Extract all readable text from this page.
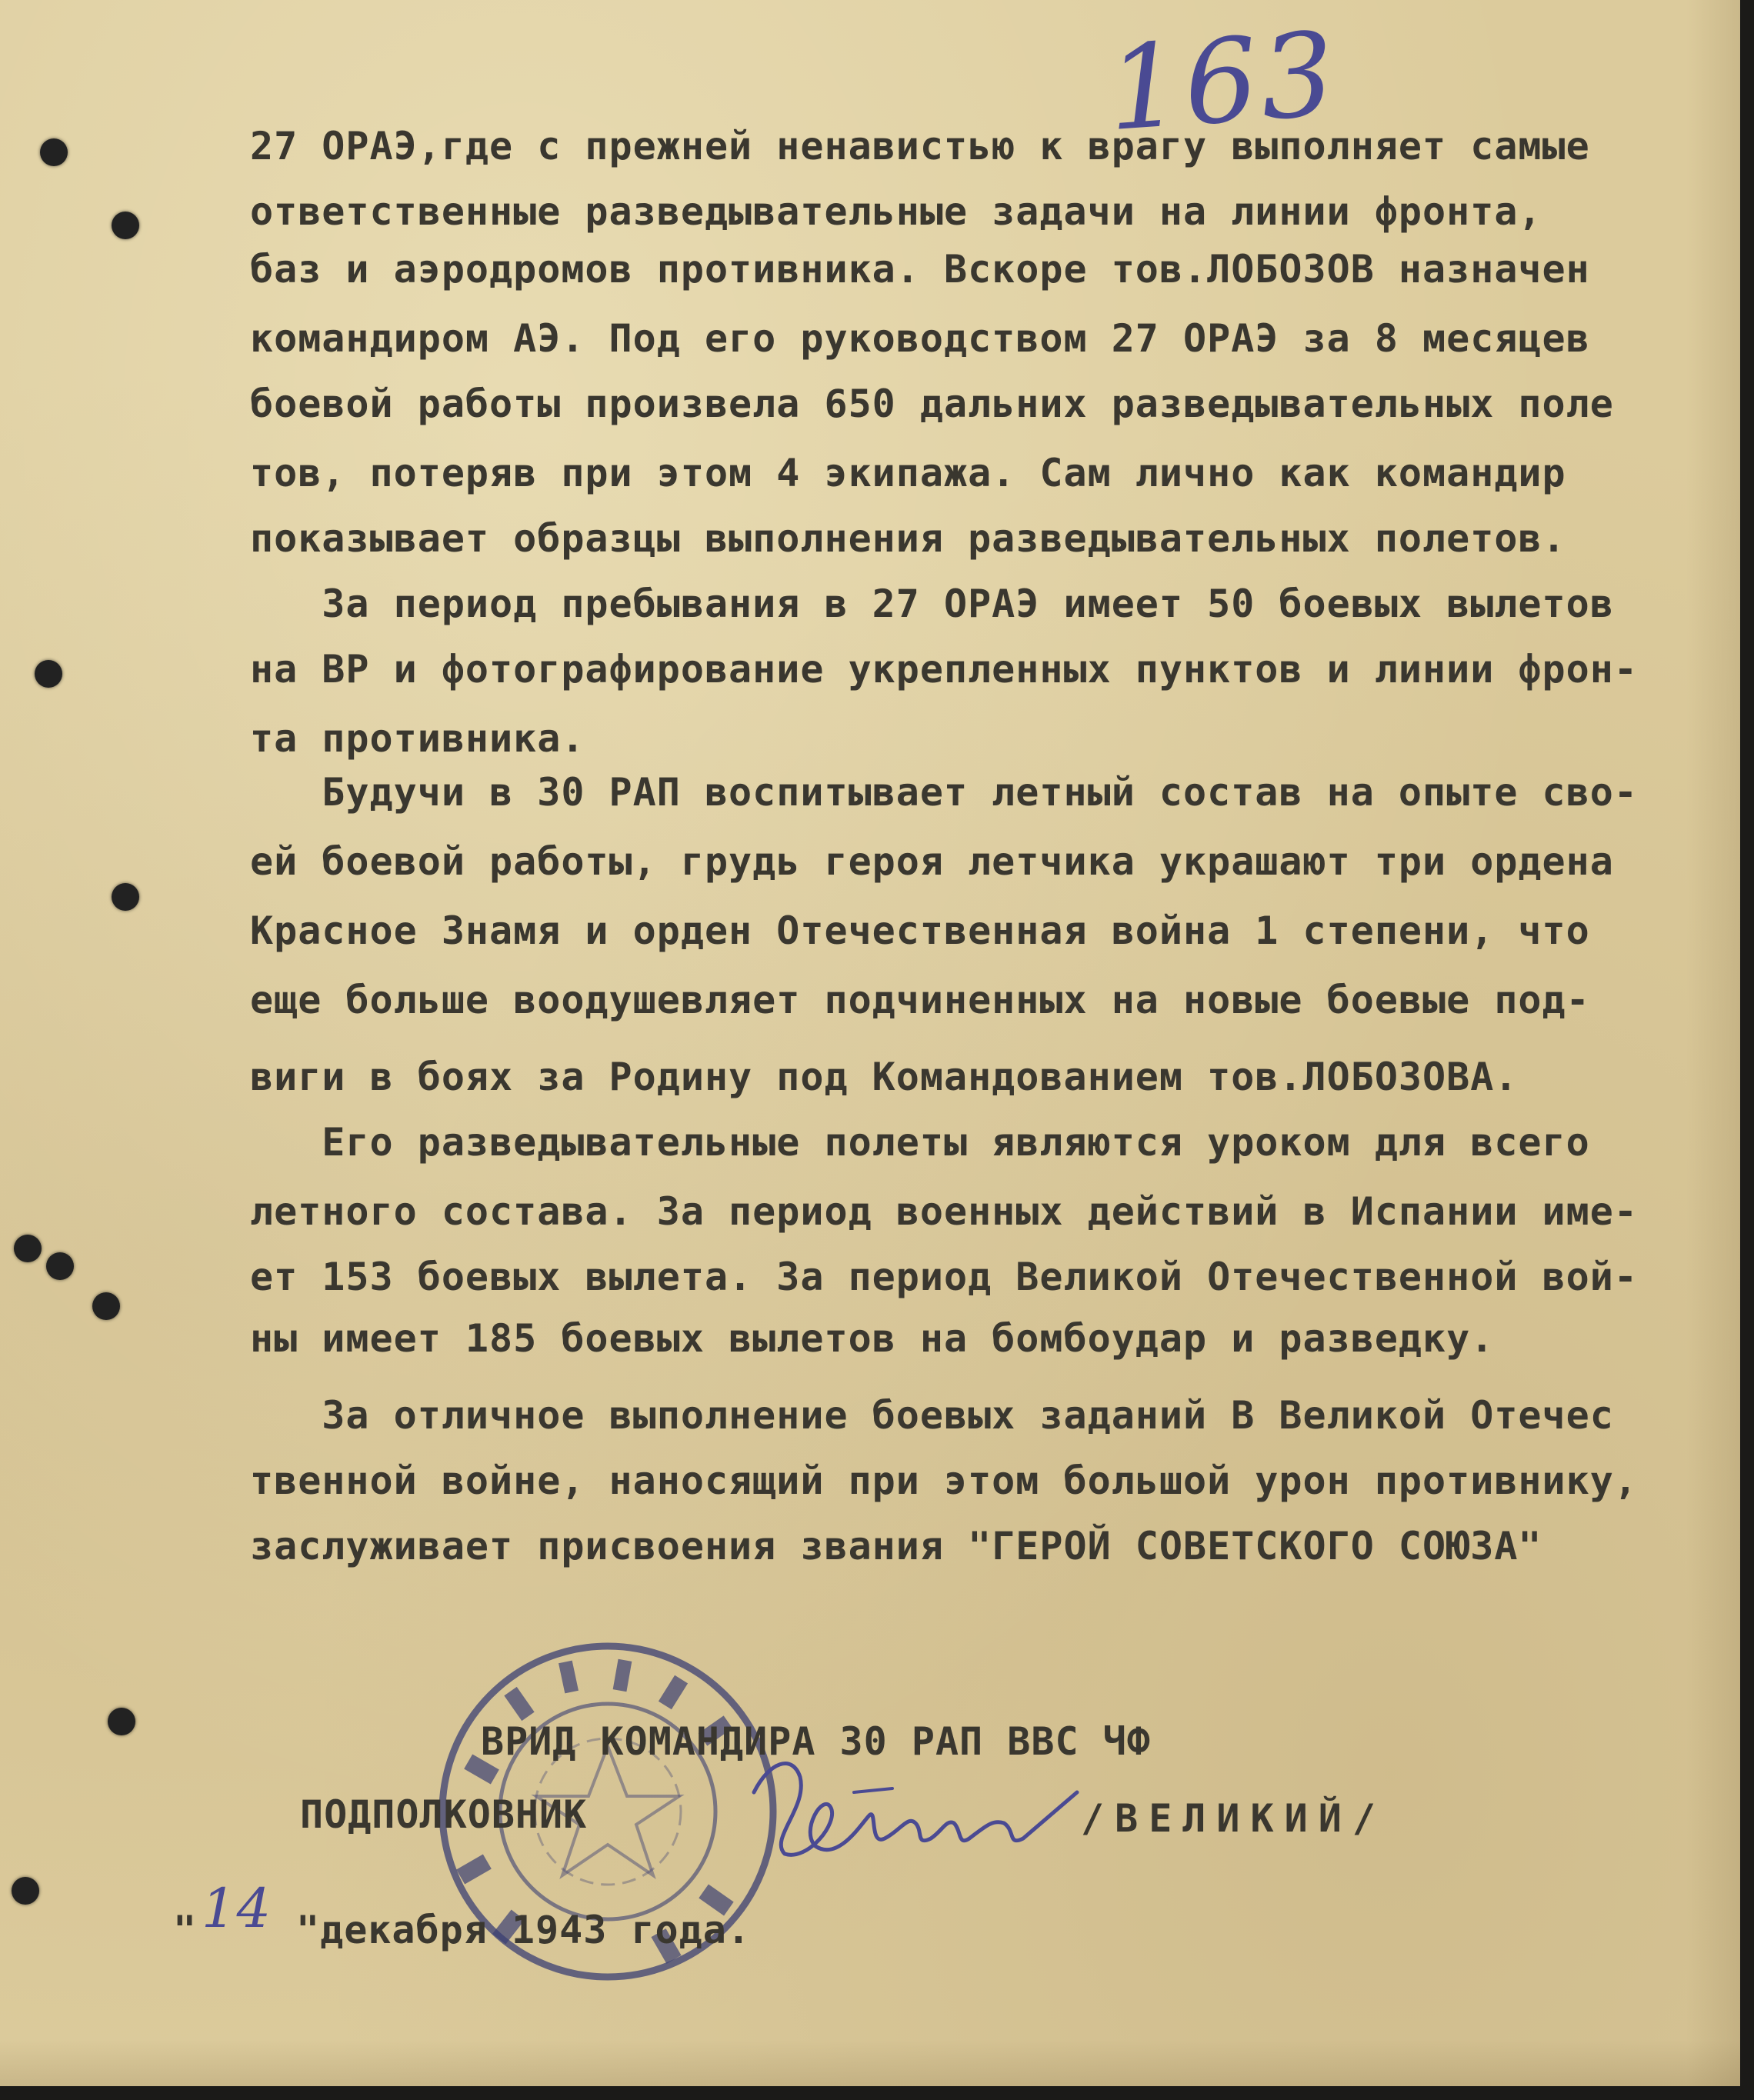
163
27 ОРАЭ,где с прежней ненавистью к врагу выполняет самые
ответственные разведывательные задачи на линии фронта,
баз и аэродромов противника. Вскоре тов.ЛОБОЗОВ назначен
командиром АЭ. Под его руководством 27 ОРАЭ за 8 месяцев
боевой работы произвела 650 дальних разведывательных поле
тов, потеряв при этом 4 экипажа. Сам лично как командир
показывает образцы выполнения разведывательных полетов.
За период пребывания в 27 ОРАЭ имеет 50 боевых вылетов
на ВР и фотографирование укрепленных пунктов и линии фрон-
та противника.
Будучи в 30 РАП воспитывает летный состав на опыте сво-
ей боевой работы, грудь героя летчика украшают три ордена
Красное Знамя и орден Отечественная война 1 степени, что
еще больше воодушевляет подчиненных на новые боевые под-
виги в боях за Родину под Командованием тов.ЛОБОЗОВА.
Его разведывательные полеты являются уроком для всего
летного состава. За период военных действий в Испании име-
ет 153 боевых вылета. За период Великой Отечественной вой-
ны имеет 185 боевых вылетов на бомбоудар и разведку.
За отличное выполнение боевых заданий В Великой Отечес
твенной войне, наносящий при этом большой урон противнику,
заслуживает присвоения звания "ГЕРОЙ СОВЕТСКОГО СОЮЗА"
ВРИД КОМАНДИРА 30 РАП ВВС ЧФ
ПОДПОЛКОВНИК	/ВЕЛИКИЙ/
" 14 "декабря 1943 года.
